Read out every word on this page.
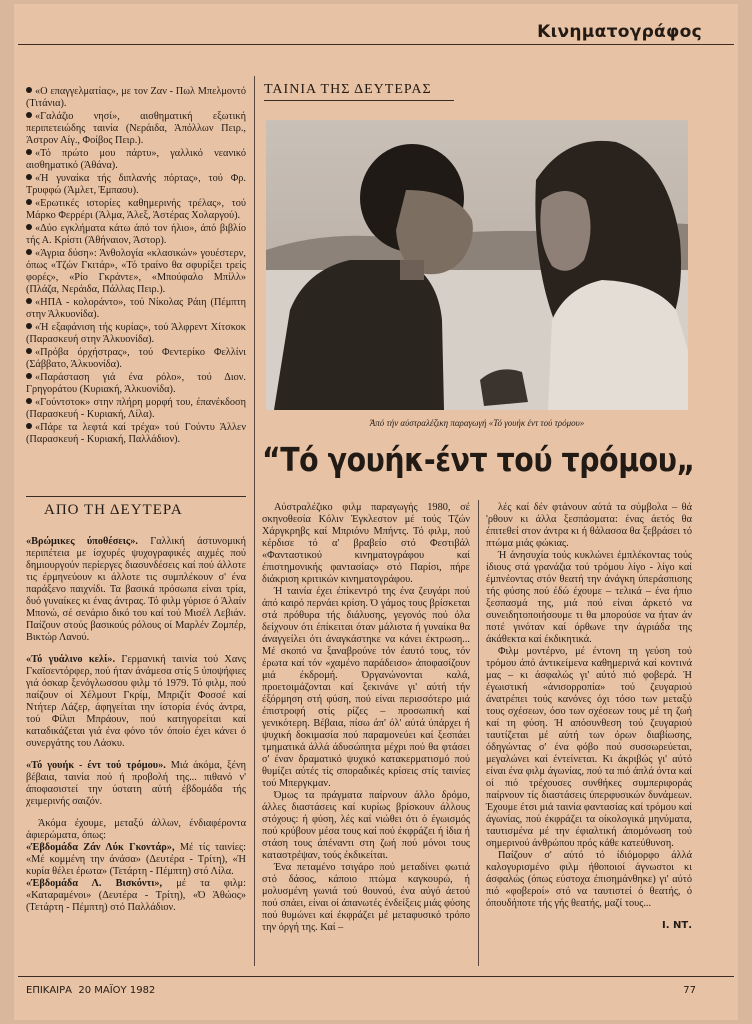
Κινηματογράφος

«Ο επαγγελματίας», με τον Ζαν - Πωλ Μπελμοντό (Τιτάνια).

«Γαλάζιο νησί», αισθηματική εξωτική περιπετειώδης ταινία (Νεράιδα, Άπόλλων Πειρ., Άστρον Αίγ., Φοίβος Πειρ.).

«Τό πρώτο μου πάρτυ», γαλλικό νεανικό αισθηματικό (Άθάνα).

«Ή γυναίκα τής διπλανής πόρτας», τού Φρ. Τρυφφώ (Άμλετ, Έμπασυ).

«Ερωτικές ιστορίες καθημερινής τρέλας», τού Μάρκο Φερρέρι (Άλμα, Άλεξ, Άστέρας Χολαργού).

«Δύο εγκλήματα κάτω άπό τον ήλιο», άπό βιβλίο τής Α. Κρίστι (Άθήναιον, Άστορ).

«Άγρια δύση»: Άνθολογία «κλασικών» γουέστερν, όπως «Τζών Γκιτάρ», «Τό τραίνο θα σφυρίξει τρείς φορές», «Ρίο Γκράντε», «Μπούφαλο Μπίλλ» (Πλάζα, Νεράιδα, Πάλλας Πειρ.).

«ΗΠΑ - κολοράντο», τού Νίκολας Ράιη (Πέμπτη στην Άλκυονίδα).

«Ή εξαφάνιση τής κυρίας», τού Άλφρεντ Χίτσκοκ (Παρασκευή στην Άλκυονίδα).

«Πρόβα όρχήστρας», τού Φεντερίκο Φελλίνι (Σάββατο, Άλκυονίδα).

«Παράσταση γιά ένα ρόλο», τού Διον. Γρηγοράτου (Κυριακή, Άλκυονίδα).

«Γούντστοκ» στην πλήρη μορφή του, έπανέκδοση (Παρασκευή - Κυριακή, Λίλα).

«Πάρε τα λεφτά καί τρέχα» τού Γούντυ Άλλεν (Παρασκευή - Κυριακή, Παλλάδιον).

ΑΠΟ ΤΗ ΔΕΥΤΕΡΑ
ΤΑΙΝΙΑ ΤΗΣ ΔΕΥΤΕΡΑΣ
Άπό τήν αύστραλέζικη παραγωγή «Τό γουήκ έντ τού τρόμου»
“Τό γουήκ-έντ τού τρόμου„

«Βρώμικες ύποθέσεις». Γαλλική άστυνομική περιπέτεια με ίσχυρές ψυχογραφικές αιχμές πού δημιουργούν περίεργες διασυνδέσεις καί πού άλλοτε τις έρμηνεύουν κι άλλοτε τις συμπλέκουν σ' ένα παράξενο παιχνίδι. Τα βασικά πρόσωπα είναι τρία, δυό γυναίκες κι ένας άντρας. Τό φιλμ γύρισε ό Άλαίν Μπονώ, σέ σενάριο δικό του καί τού Μισέλ Λεβιάν. Παίζουν στούς βασικούς ρόλους οί Μαρλέν Ζομπέρ, Βικτώρ Λανού.

«Τό γυάλινο κελί». Γερμανική ταινία τού Χανς Γκαϊσεντόρφερ, πού ήταν άνάμεσα στίς 5 ύποψήφιες γιά όσκαρ ξενόγλωσσου φιλμ τό 1979. Τό φιλμ, πού παίζουν οί Χέλμουτ Γκρίμ, Μπριζίτ Φοσσέ καί Ντήτερ Λάζερ, άφηγείται την ίστορία ένός άντρα, τού Φίλιπ Μπράουν, πού κατηγορείται καί καταδικάζεται γιά ένα φόνο τόν όποίο έχει κάνει ό συνεργάτης του Λάσκυ.

«Τό γουήκ - έντ τού τρόμου». Μιά άκόμα, ξένη βέβαια, ταινία πού ή προβολή της... πιθανό ν' άποφασιστεί την ύστατη αύτή έβδομάδα τής χειμερινής σαιζόν.

Άκόμα έχουμε, μεταξύ άλλων, ένδιαφέροντα άφιερώματα, όπως:

«Έβδομάδα Ζάν Λύκ Γκοντάρ», Μέ τίς ταινίες: «Μέ κομμένη την άνάσα» (Δευτέρα - Τρίτη), «Ή κυρία θέλει έρωτα» (Τετάρτη - Πέμπτη) στό Λίλα.

«Έβδομάδα Λ. Βισκόντι», μέ τα φιλμ: «Καταραμένοι» (Δευτέρα - Τρίτη), «Ό Άθώος» (Τετάρτη - Πέμπτη) στό Παλλάδιον.

Αύστραλέζικο φιλμ παραγωγής 1980, σέ σκηνοθεσία Κόλιν Έγκλεστον μέ τούς Τζών Χάργκρηβς καί Μπριόνυ Μπήντς. Τό φιλμ, πού κέρδισε τό α' βραβείο στό Φεστιβάλ «Φανταστικού κινηματογράφου καί έπιστημονικής φαντασίας» στό Παρίσι, πήρε διάκριση κριτικών κινηματογράφου.

Ή ταινία έχει έπίκεντρό της ένα ζευγάρι πού άπό καιρό περνάει κρίση. Ό γάμος τους βρίσκεται στά πρόθυρα τής διάλυσης, γεγονός πού όλα δείχνουν ότι έπίκειται όταν μάλιστα ή γυναίκα θα άναγγείλει ότι άναγκάστηκε να κάνει έκτρωση... Μέ σκοπό να ξαναβρούνε τόν έαυτό τους, τόν έρωτα καί τόν «χαμένο παράδεισο» άποφασίζουν μιά έκδρομή. Όργανώνονται καλά, προετοιμάζονται καί ξεκινάνε γι' αύτή τήν έξόρμηση στή φύση, πού είναι περισσότερο μιά έπιστροφή στίς ρίζες – προσωπική καί γενικότερη. Βέβαια, πίσω άπ' όλ' αύτά ύπάρχει ή ψυχική δοκιμασία πού παραμονεύει καί ξεσπάει τμηματικά άλλά άδυσώπητα μέχρι πού θα φτάσει σ' έναν δραματικό ψυχικό κατακερματισμό πού θυμίζει αύτές τίς σποραδικές κρίσεις στίς ταινίες τού Μπεργκμαν.

Όμως τα πράγματα παίρνουν άλλο δρόμο, άλλες διαστάσεις καί κυρίως βρίσκουν άλλους στόχους: ή φύση, λές καί νιώθει ότι ό έγωισμός πού κρύβουν μέσα τους καί πού έκφράζει ή ίδια ή στάση τους άπέναντι στη ζωή πού μόνοι τους καταστρέψαν, τούς έκδικείται.

Ένα πεταμένο τσιγάρο πού μεταδίνει φωτιά στό δάσος, κάποιο πτώμα καγκουρώ, ή μολυσμένη γωνιά τού θουνού, ένα αύγό άετού πού σπάει, είναι οί άπανωτές ένδείξεις μιάς φύσης πού θυμώνει καί έκφράζει μέ μεταφυσικό τρόπο την όργή της. Καί –

λές καί δέν φτάνουν αύτά τα σύμβολα – θά 'ρθουν κι άλλα ξεσπάσματα: ένας άετός θα έπιτεθεί στον άντρα κι ή θάλασσα θα ξεβράσει τό πτώμα μιάς φώκιας.

Ή άνησυχία τούς κυκλώνει έμπλέκοντας τούς ίδιους στά γρανάζια τού τρόμου λίγο - λίγο καί έμπνέοντας στόν θεατή την άνάγκη ύπεράσπισης τής φύσης πού έδώ έχουμε – τελικά – ένα ήπιο ξεσπασμά της, μιά πού είναι άρκετό να συνειδητοποιήσουμε τι θα μπορούσε να ήταν άν ποτέ γινόταν καί όρθωνε την άγριάδα της άκάθεκτα καί έκδικητικά.

Φιλμ μοντέρνο, μέ έντονη τη γεύση τού τρόμου άπό άντικείμενα καθημερινά καί κοντινά μας – κι άσφαλώς γι' αύτό πιό φοβερά. Ή έγωιστική «άνισορροπία» τού ζευγαριού άνατρέπει τούς κανόνες όχι τόσο των μεταξύ τους σχέσεων, όσο των σχέσεων τους μέ τη ζωή καί τη φύση. Ή απόσυνθεση τού ζευγαριού ταυτίζεται μέ αύτή των όρων διαβίωσης, όδηγώντας σ' ένα φόβο πού συσσωρεύεται, μεγαλώνει καί έντείνεται. Κι άκριβώς γι' αύτό είναι ένα φιλμ άγωνίας, πού τα πιό άπλά όντα καί οί πιό τρέχουσες συνθήκες συμπεριφοράς παίρνουν τίς διαστάσεις ύπερφυσικών δυνάμεων. Έχουμε έτσι μιά ταινία φαντασίας καί τρόμου καί άγωνίας, πού έκφράζει τα οίκολογικά μηνύματα, ταυτισμένα μέ την έφιαλτική άπομόνωση τού σημερινού άνθρώπου πρός κάθε κατεύθυνση.

Παίζουν σ' αύτό τό ίδιόμορφο άλλά καλογυρισμένο φιλμ ήθοποιοί άγνωστοι κι άσφαλώς (όπως εύστοχα έπισημάνθηκε) γι' αύτό πιό «φοβεροί» στό να ταυτιστεί ό θεατής, ό όπουδήποτε τής γής θεατής, μαζί τους...

Ι. ΝΤ.

ΕΠΙΚΑΙΡΑ  20 ΜΑΪΟΥ 1982	77
